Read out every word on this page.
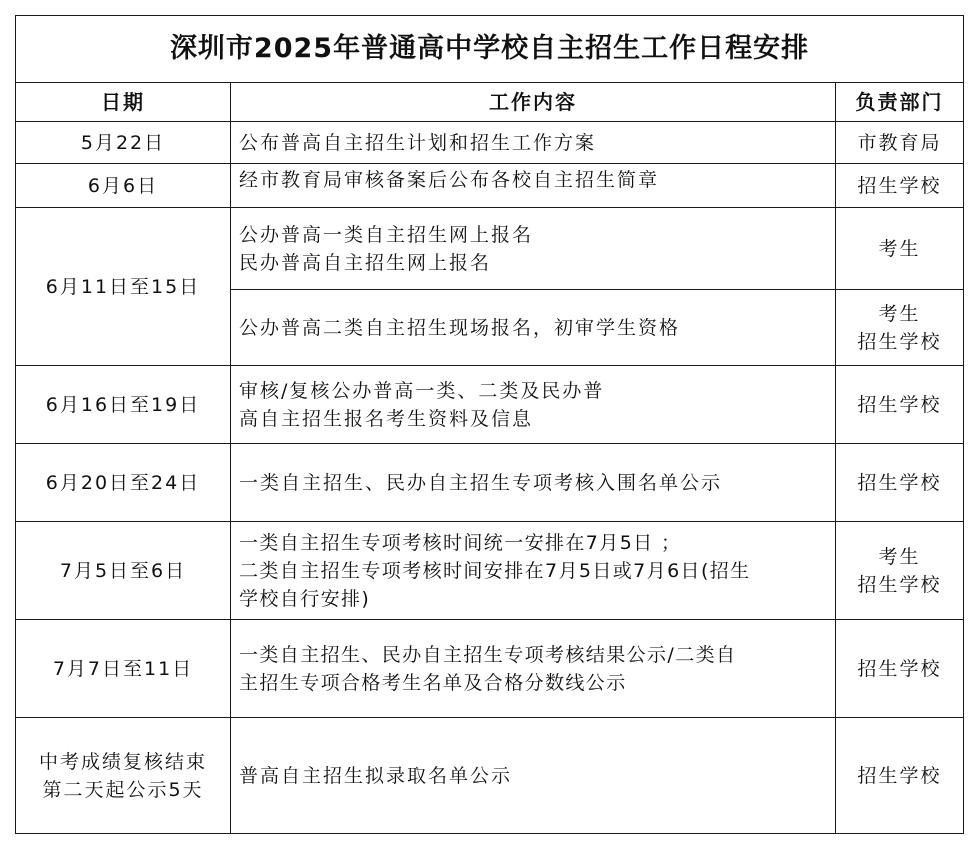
深圳市2025年普通高中学校自主招生工作日程安排		
日期	工作内容	负责部门

5月22日	公布普高自主招生计划和招生工作方案	市教育局

6月6日	经市教育局审核备案后公布各校自主招生简章	招生学校

6月11日至15日	公办普高一类自主招生网上报名
民办普高自主招生网上报名	考生

	公办普高二类自主招生现场报名，初审学生资格	考生
招生学校

6月16日至19日	审核/复核公办普高一类、二类及民办普
高自主招生报名考生资料及信息	招生学校

6月20日至24日	一类自主招生、民办自主招生专项考核入围名单公示	招生学校

7月5日至6日	一类自主招生专项考核时间统一安排在7月5日 ；
二类自主招生专项考核时间安排在7月5日或7月6日(招生
学校自行安排)	考生
招生学校

7月7日至11日	一类自主招生、民办自主招生专项考核结果公示/二类自
主招生专项合格考生名单及合格分数线公示	招生学校

中考成绩复核结束
第二天起公示5天	普高自主招生拟录取名单公示	招生学校
